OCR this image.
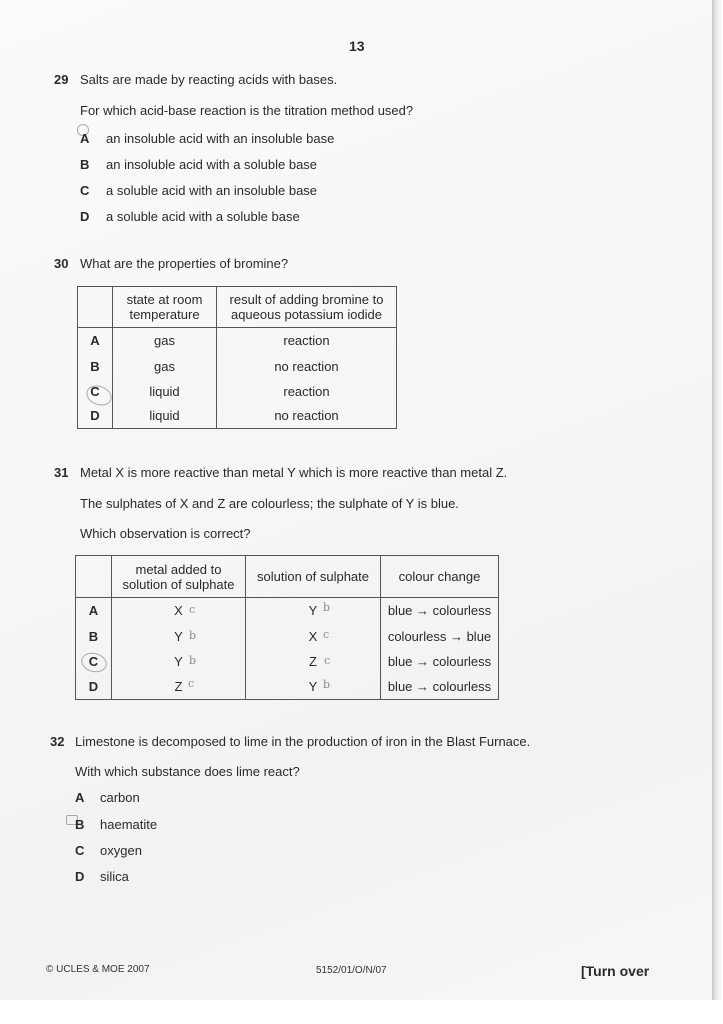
13
29 Salts are made by reacting acids with bases.
For which acid-base reaction is the titration method used?
A an insoluble acid with an insoluble base
B an insoluble acid with a soluble base
C a soluble acid with an insoluble base
D a soluble acid with a soluble base
30 What are the properties of bromine?
	state at room temperature	result of adding bromine to aqueous potassium iodide
A	gas	reaction
B	gas	no reaction
C	liquid	reaction
D	liquid	no reaction
31 Metal X is more reactive than metal Y which is more reactive than metal Z.
The sulphates of X and Z are colourless; the sulphate of Y is blue.
Which observation is correct?
	metal added to solution of sulphate	solution of sulphate	colour change
A	X	Y	blue → colourless
B	Y	X	colourless → blue
C	Y	Z	blue → colourless
D	Z	Y	blue → colourless
c
b
b
c
b
c
c
b
32 Limestone is decomposed to lime in the production of iron in the Blast Furnace.
With which substance does lime react?
A carbon
B haematite
C oxygen
D silica
© UCLES & MOE 2007	5152/01/O/N/07	[Turn over
